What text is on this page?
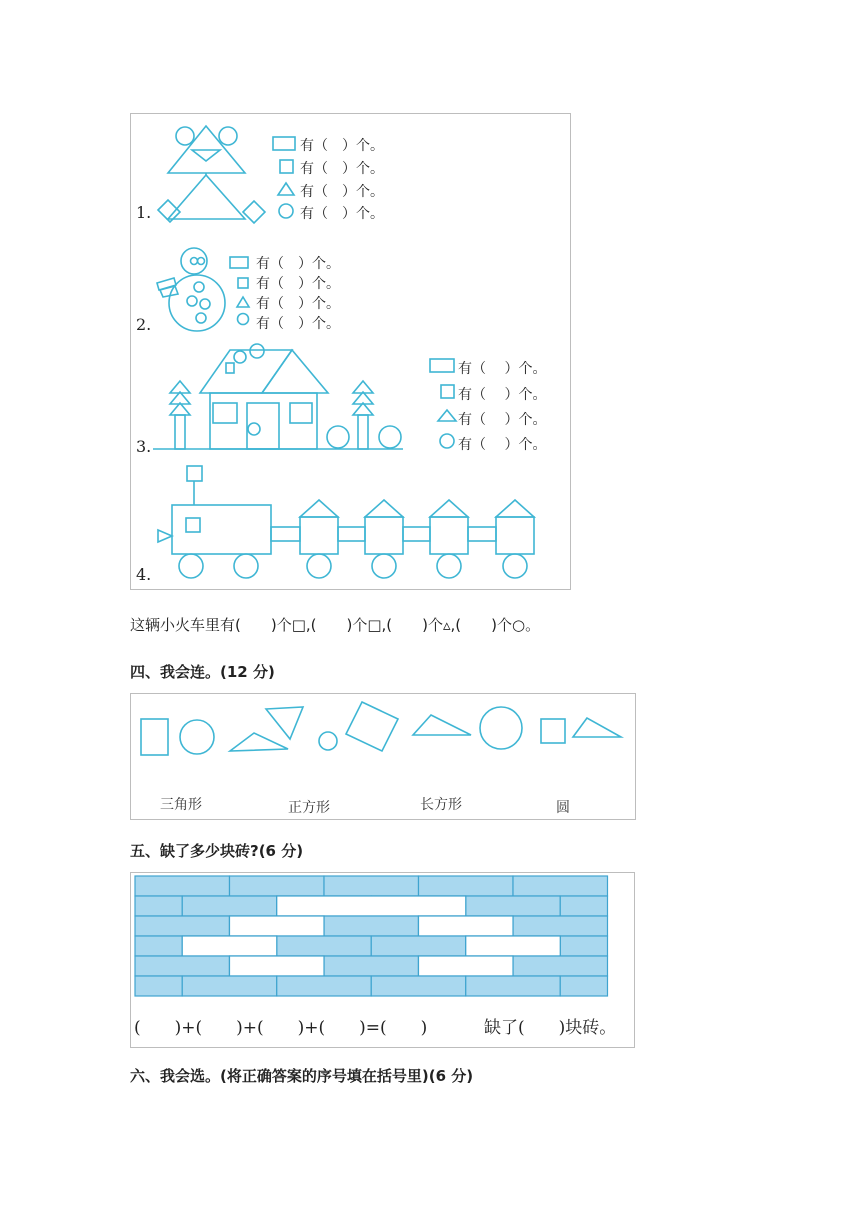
1.
有（　）个。
有（　）个。
有（　）个。
有（　）个。
2.
有（　）个。
有（　）个。
有（　）个。
有（　）个。
3.
有（　 ）个。
有（　 ）个。
有（　 ）个。
有（　 ）个。
4.
这辆小火车里有(　　)个□,(　　)个□,(　　)个▵,(　　)个○。
四、我会连。(12 分)
三角形	正方形	长方形	圆
五、缺了多少块砖?(6 分)
(　　)+(　　)+(　　)+(　　)=(　　)	缺了(　　)块砖。
六、我会选。(将正确答案的序号填在括号里)(6 分)
